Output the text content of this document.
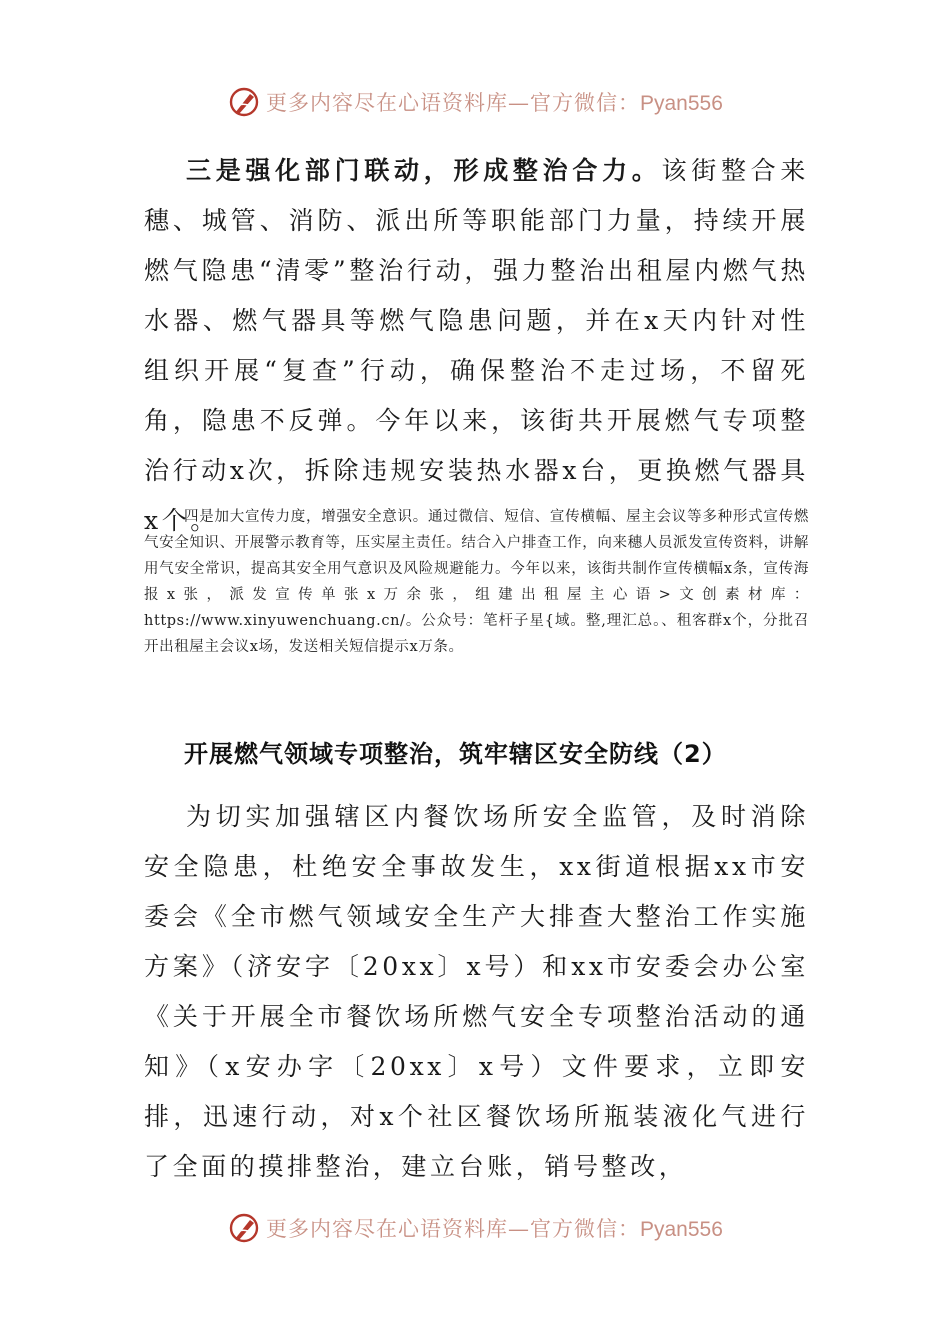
更多内容尽在心语资料库—官方微信：Pyan556

三是强化部门联动，形成整治合力。该街整合来穗、城管、消防、派出所等职能部门力量，持续开展燃气隐患“清零”整治行动，强力整治出租屋内燃气热水器、燃气器具等燃气隐患问题，并在x天内针对性组织开展“复查”行动，确保整治不走过场，不留死角，隐患不反弹。今年以来，该街共开展燃气专项整治行动x次，拆除违规安装热水器x台，更换燃气器具x个。

四是加大宣传力度，增强安全意识。通过微信、短信、宣传横幅、屋主会议等多种形式宣传燃气安全知识、开展警示教育等，压实屋主责任。结合入户排查工作，向来穗人员派发宣传资料，讲解用气安全常识，提高其安全用气意识及风险规避能力。今年以来，该街共制作宣传横幅x条，宣传海报x张，派发宣传单张x万余张，组建出租屋主心语>文创素材库：https://www.xinyuwenchuang.cn/。公众号：笔杆子星{域。整,理汇总。、租客群x个，分批召开出租屋主会议x场，发送相关短信提示x万条。

开展燃气领域专项整治，筑牢辖区安全防线（2）

为切实加强辖区内餐饮场所安全监管，及时消除安全隐患，杜绝安全事故发生，xx街道根据xx市安委会《全市燃气领域安全生产大排查大整治工作实施方案》（济安字〔20xx〕x号）和xx市安委会办公室《关于开展全市餐饮场所燃气安全专项整治活动的通知》（x安办字〔20xx〕x号）文件要求，立即安排，迅速行动，对x个社区餐饮场所瓶装液化气进行了全面的摸排整治，建立台账，销号整改，

更多内容尽在心语资料库—官方微信：Pyan556
